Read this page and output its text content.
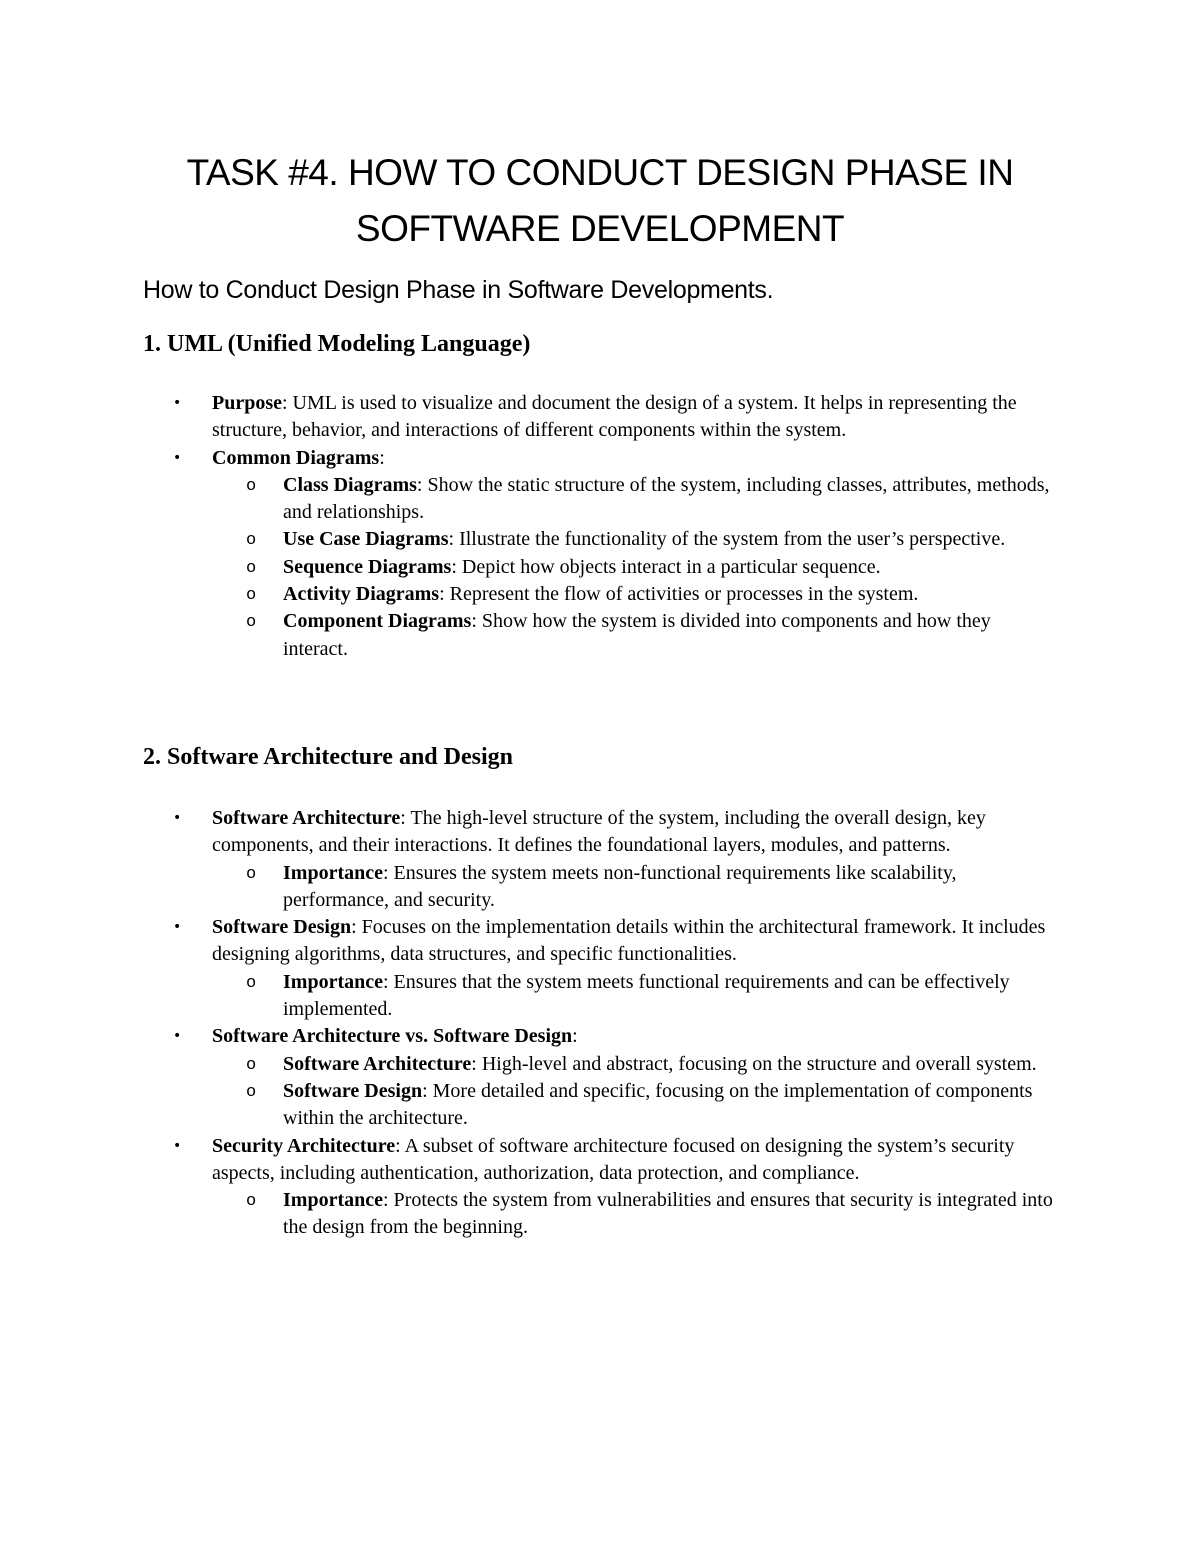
TASK #4. HOW TO CONDUCT DESIGN PHASE IN SOFTWARE DEVELOPMENT
How to Conduct Design Phase in Software Developments.
1. UML (Unified Modeling Language)
• Purpose: UML is used to visualize and document the design of a system. It helps in representing the structure, behavior, and interactions of different components within the system.
• Common Diagrams:
o Class Diagrams: Show the static structure of the system, including classes, attributes, methods, and relationships.
o Use Case Diagrams: Illustrate the functionality of the system from the user’s perspective.
o Sequence Diagrams: Depict how objects interact in a particular sequence.
o Activity Diagrams: Represent the flow of activities or processes in the system.
o Component Diagrams: Show how the system is divided into components and how they interact.
2. Software Architecture and Design
• Software Architecture: The high-level structure of the system, including the overall design, key components, and their interactions. It defines the foundational layers, modules, and patterns.
o Importance: Ensures the system meets non-functional requirements like scalability, performance, and security.
• Software Design: Focuses on the implementation details within the architectural framework. It includes designing algorithms, data structures, and specific functionalities.
o Importance: Ensures that the system meets functional requirements and can be effectively implemented.
• Software Architecture vs. Software Design:
o Software Architecture: High-level and abstract, focusing on the structure and overall system.
o Software Design: More detailed and specific, focusing on the implementation of components within the architecture.
• Security Architecture: A subset of software architecture focused on designing the system’s security aspects, including authentication, authorization, data protection, and compliance.
o Importance: Protects the system from vulnerabilities and ensures that security is integrated into the design from the beginning.
